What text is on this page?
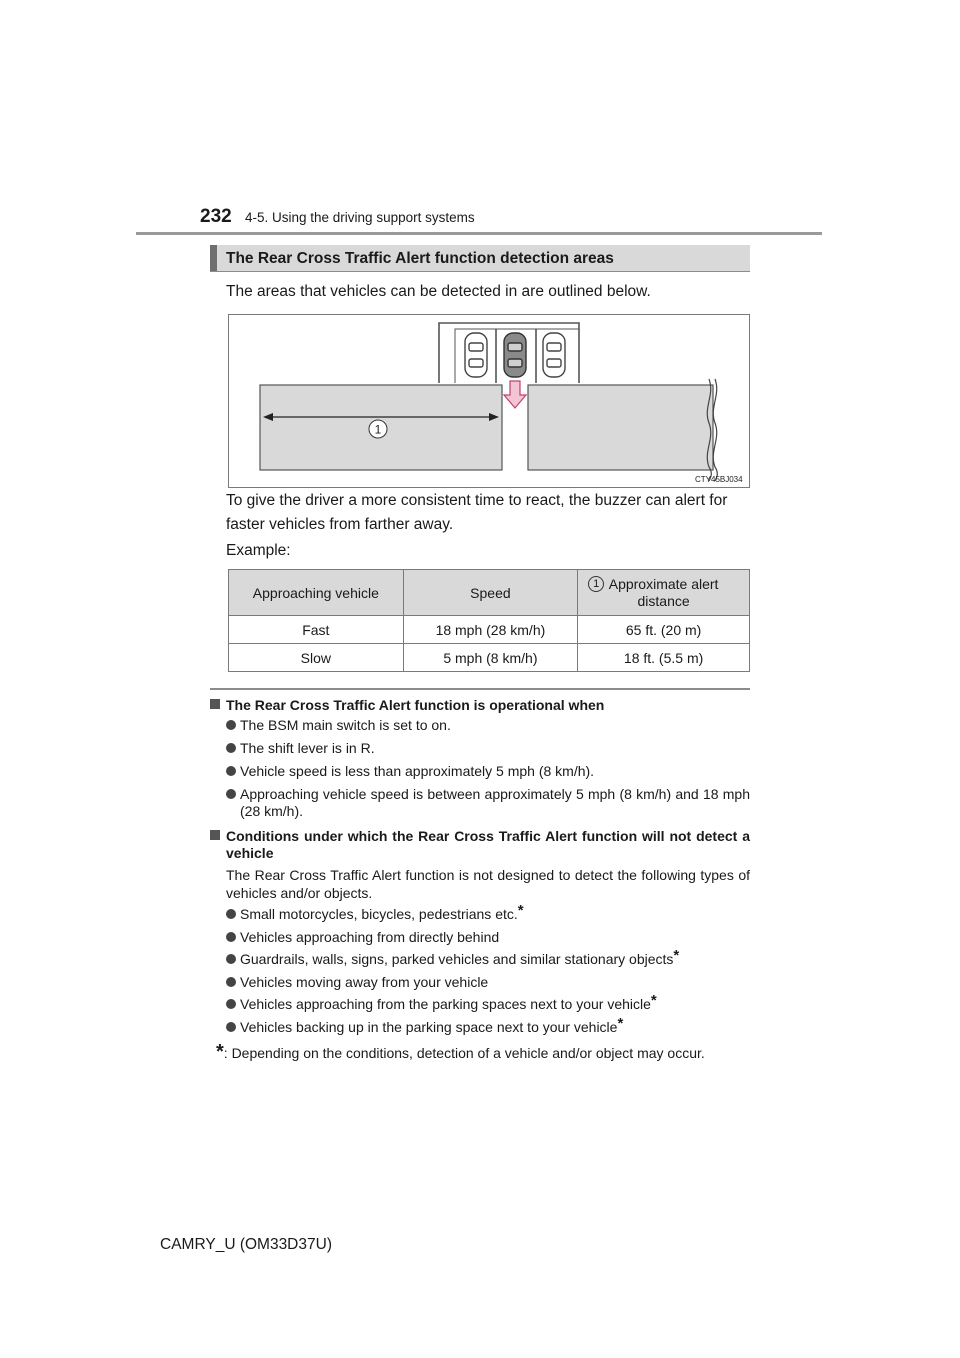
232 4-5. Using the driving support systems
The Rear Cross Traffic Alert function detection areas
The areas that vehicles can be detected in are outlined below.
1
CTY45BJ034
To give the driver a more consistent time to react, the buzzer can alert for faster vehicles from farther away.
Example:
Approaching vehicle	Speed	1 Approximate alert distance
Fast	18 mph (28 km/h)	65 ft. (20 m)
Slow	5 mph (8 km/h)	18 ft. (5.5 m)
The Rear Cross Traffic Alert function is operational when
The BSM main switch is set to on.
The shift lever is in R.
Vehicle speed is less than approximately 5 mph (8 km/h).
Approaching vehicle speed is between approximately 5 mph (8 km/h) and 18 mph (28 km/h).
Conditions under which the Rear Cross Traffic Alert function will not detect a vehicle
The Rear Cross Traffic Alert function is not designed to detect the following types of vehicles and/or objects.
Small motorcycles, bicycles, pedestrians etc.*
Vehicles approaching from directly behind
Guardrails, walls, signs, parked vehicles and similar stationary objects*
Vehicles moving away from your vehicle
Vehicles approaching from the parking spaces next to your vehicle*
Vehicles backing up in the parking space next to your vehicle*
*: Depending on the conditions, detection of a vehicle and/or object may occur.
CAMRY_U (OM33D37U)
